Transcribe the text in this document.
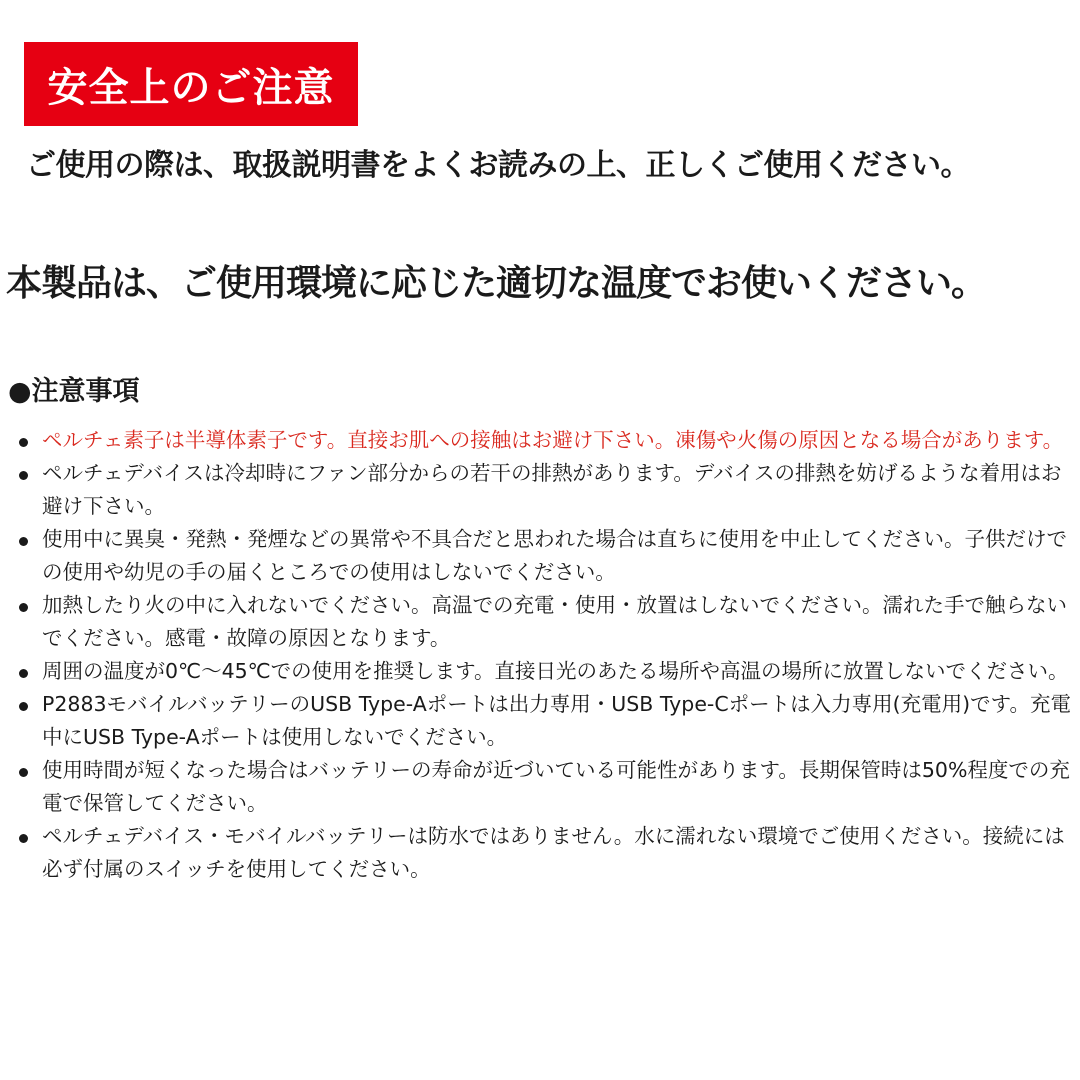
安全上のご注意
ご使用の際は、取扱説明書をよくお読みの上、正しくご使用ください。
本製品は、ご使用環境に応じた適切な温度でお使いください。
●注意事項
ペルチェ素子は半導体素子です。直接お肌への接触はお避け下さい。凍傷や火傷の原因となる場合があります。
ペルチェデバイスは冷却時にファン部分からの若干の排熱があります。デバイスの排熱を妨げるような着用はお避け下さい。
使用中に異臭・発熱・発煙などの異常や不具合だと思われた場合は直ちに使用を中止してください。子供だけでの使用や幼児の手の届くところでの使用はしないでください。
加熱したり火の中に入れないでください。高温での充電・使用・放置はしないでください。濡れた手で触らないでください。感電・故障の原因となります。
周囲の温度が0℃～45℃での使用を推奨します。直接日光のあたる場所や高温の場所に放置しないでください。
P2883モバイルバッテリーのUSB Type-Aポートは出力専用・USB Type-Cポートは入力専用(充電用)です。充電中にUSB Type-Aポートは使用しないでください。
使用時間が短くなった場合はバッテリーの寿命が近づいている可能性があります。長期保管時は50%程度での充電で保管してください。
ペルチェデバイス・モバイルバッテリーは防水ではありません。水に濡れない環境でご使用ください。接続には必ず付属のスイッチを使用してください。
